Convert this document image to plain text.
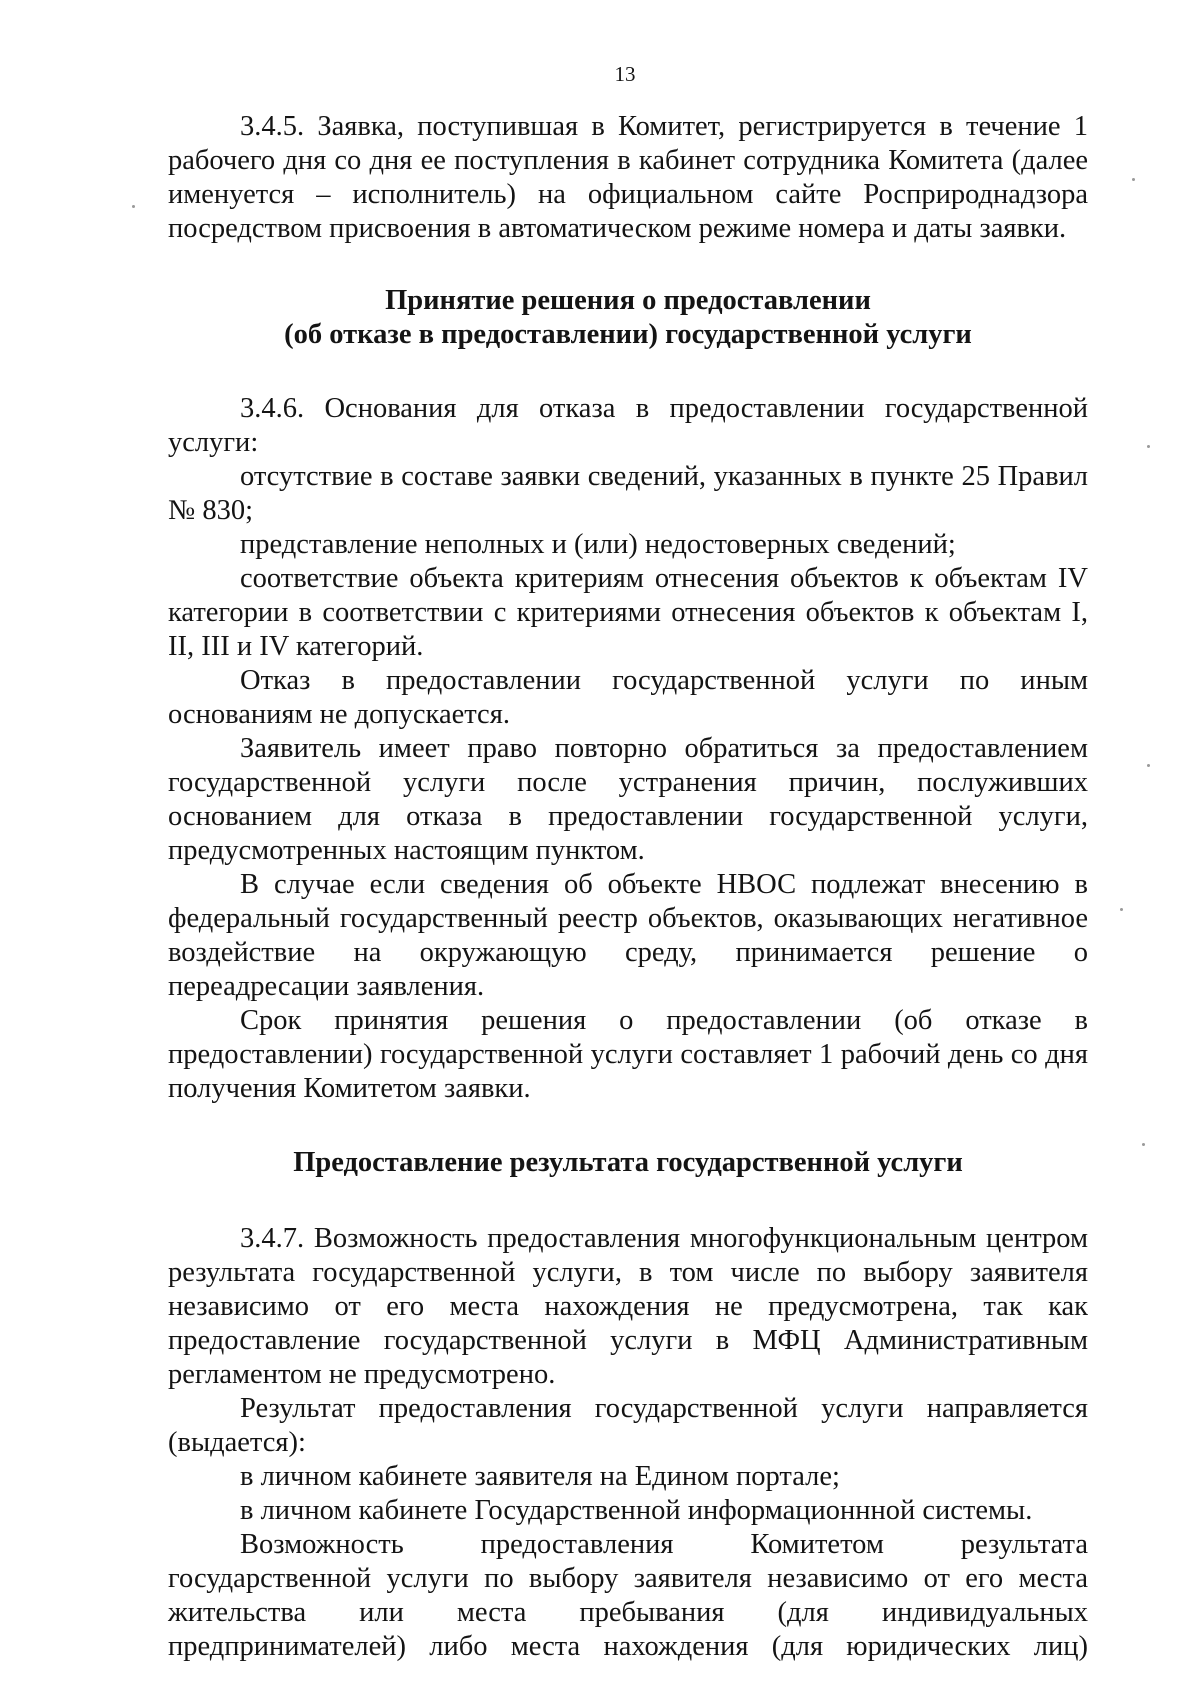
13

3.4.5. Заявка, поступившая в Комитет, регистрируется в течение 1 рабочего дня со дня ее поступления в кабинет сотрудника Комитета (далее именуется – исполнитель) на официальном сайте Росприроднадзора посредством присвоения в автоматическом режиме номера и даты заявки.

Принятие решения о предоставлении
(об отказе в предоставлении) государственной услуги

3.4.6. Основания для отказа в предоставлении государственной услуги:

отсутствие в составе заявки сведений, указанных в пункте 25 Правил № 830;

представление неполных и (или) недостоверных сведений;

соответствие объекта критериям отнесения объектов к объектам IV категории в соответствии с критериями отнесения объектов к объектам I, II, III и IV категорий.

Отказ в предоставлении государственной услуги по иным основаниям не допускается.

Заявитель имеет право повторно обратиться за предоставлением государственной услуги после устранения причин, послуживших основанием для отказа в предоставлении государственной услуги, предусмотренных настоящим пунктом.

В случае если сведения об объекте НВОС подлежат внесению в федеральный государственный реестр объектов, оказывающих негативное воздействие на окружающую среду, принимается решение о переадресации заявления.

Срок принятия решения о предоставлении (об отказе в предоставлении) государственной услуги составляет 1 рабочий день со дня получения Комитетом заявки.

Предоставление результата государственной услуги

3.4.7. Возможность предоставления многофункциональным центром результата государственной услуги, в том числе по выбору заявителя независимо от его места нахождения не предусмотрена, так как предоставление государственной услуги в МФЦ Административным регламентом не предусмотрено.

Результат предоставления государственной услуги направляется (выдается):

в личном кабинете заявителя на Едином портале;

в личном кабинете Государственной информационнной системы.

Возможность предоставления Комитетом результата государственной услуги по выбору заявителя независимо от его места жительства или места пребывания (для индивидуальных предпринимателей) либо места нахождения (для юридических лиц)
